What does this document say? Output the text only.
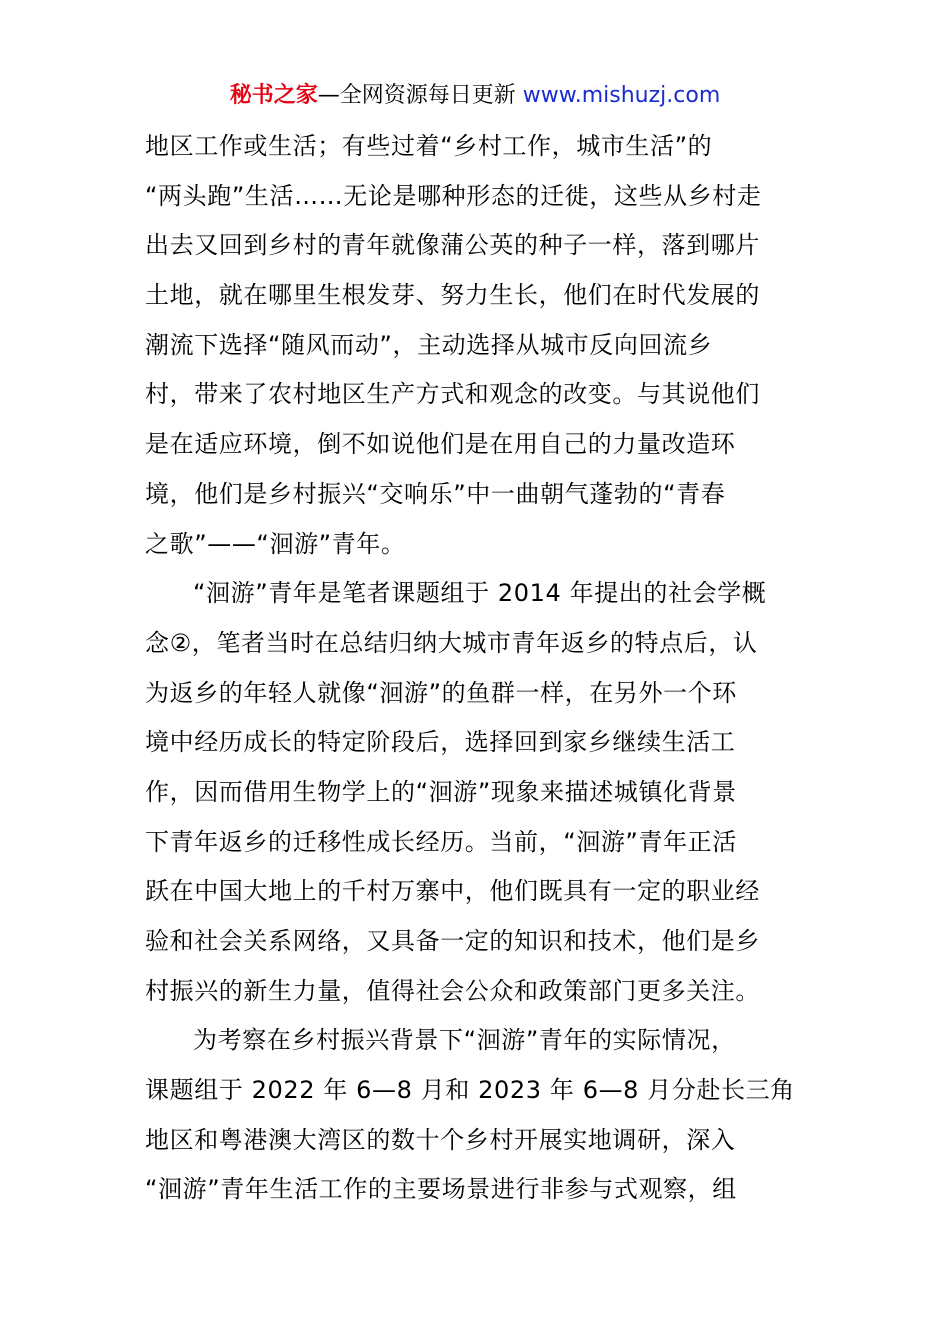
秘书之家—全网资源每日更新 www.mishuzj.com
地区工作或生活；有些过着“乡村工作，城市生活”的
“两头跑”生活……无论是哪种形态的迁徙，这些从乡村走
出去又回到乡村的青年就像蒲公英的种子一样，落到哪片
土地，就在哪里生根发芽、努力生长，他们在时代发展的
潮流下选择“随风而动”，主动选择从城市反向回流乡
村，带来了农村地区生产方式和观念的改变。与其说他们
是在适应环境，倒不如说他们是在用自己的力量改造环
境，他们是乡村振兴“交响乐”中一曲朝气蓬勃的“青春
之歌”——“洄游”青年。
“洄游”青年是笔者课题组于 2014 年提出的社会学概
念②，笔者当时在总结归纳大城市青年返乡的特点后，认
为返乡的年轻人就像“洄游”的鱼群一样，在另外一个环
境中经历成长的特定阶段后，选择回到家乡继续生活工
作，因而借用生物学上的“洄游”现象来描述城镇化背景
下青年返乡的迁移性成长经历。当前，“洄游”青年正活
跃在中国大地上的千村万寨中，他们既具有一定的职业经
验和社会关系网络，又具备一定的知识和技术，他们是乡
村振兴的新生力量，值得社会公众和政策部门更多关注。
为考察在乡村振兴背景下“洄游”青年的实际情况，
课题组于 2022 年 6—8 月和 2023 年 6—8 月分赴长三角
地区和粤港澳大湾区的数十个乡村开展实地调研，深入
“洄游”青年生活工作的主要场景进行非参与式观察，组
